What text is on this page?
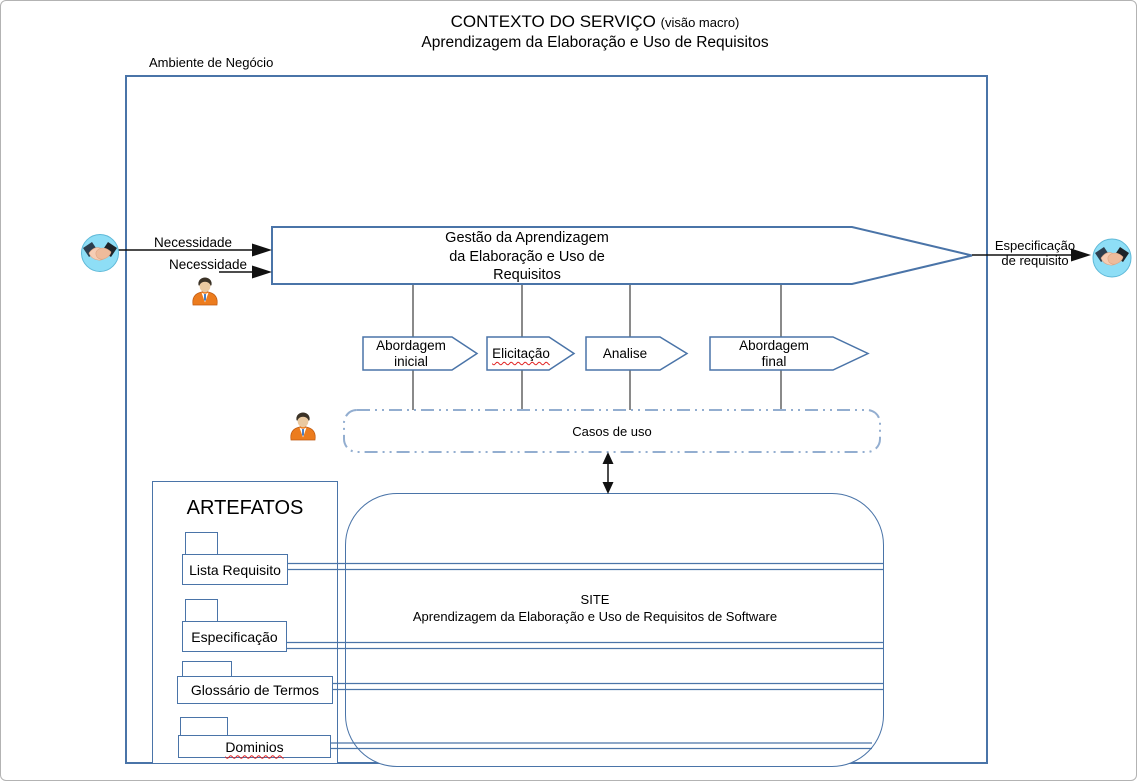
Lista Requisito
Especificação
Glossário de Termos
Dominios
CONTEXTO DO SERVIÇO (visão macro)
Aprendizagem da Elaboração e Uso de Requisitos
Ambiente de Negócio
Necessidade
Necessidade
Especificação
de requisito
Gestão da Aprendizagem
da Elaboração e Uso de
Requisitos
Abordagem
inicial	Elicitação	Analise
Abordagem
final
Casos de uso
SITE
Aprendizagem da Elaboração e Uso de Requisitos de Software
ARTEFATOS
